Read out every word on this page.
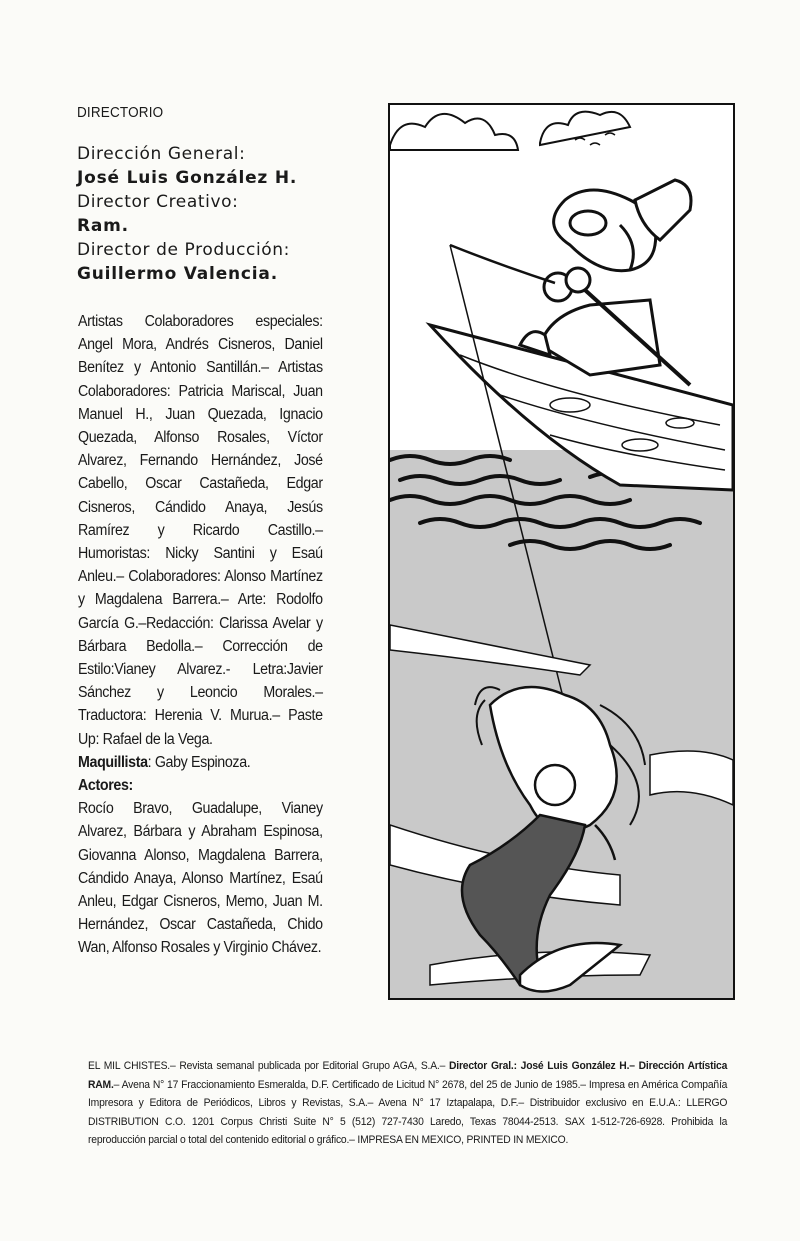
DIRECTORIO
Dirección General:
José Luis González H.
Director Creativo:
Ram.
Director de Producción:
Guillermo Valencia.
Artistas Colaboradores especiales: Angel Mora, Andrés Cisneros, Daniel Benítez y Antonio Santillán.– Artistas Colaboradores: Patricia Mariscal, Juan Manuel H., Juan Quezada, Ignacio Quezada, Alfonso Rosales, Víctor Alvarez, Fernando Hernández, José Cabello, Oscar Castañeda, Edgar Cisneros, Cándido Anaya, Jesús Ramírez y Ricardo Castillo.– Humoristas: Nicky Santini y Esaú Anleu.– Colaboradores: Alonso Martínez y Magdalena Barrera.– Arte: Rodolfo García G.–Redacción: Clarissa Avelar y Bárbara Bedolla.– Corrección de Estilo:Vianey Alvarez.- Letra:Javier Sánchez y Leoncio Morales.– Traductora: Herenia V. Murua.– Paste Up: Rafael de la Vega.
Maquillista: Gaby Espinoza.
Actores:
Rocío Bravo, Guadalupe, Vianey Alvarez, Bárbara y Abraham Espinosa, Giovanna Alonso, Magdalena Barrera, Cándido Anaya, Alonso Martínez, Esaú Anleu, Edgar Cisneros, Memo, Juan M. Hernández, Oscar Castañeda, Chido Wan, Alfonso Rosales y Virginio Chávez.
EL MIL CHISTES.– Revista semanal publicada por Editorial Grupo AGA, S.A.– Director Gral.: José Luis González H.– Dirección Artística RAM.– Avena N° 17 Fraccionamiento Esmeralda, D.F. Certificado de Licitud N° 2678, del 25 de Junio de 1985.– Impresa en América Compañía Impresora y Editora de Periódicos, Libros y Revistas, S.A.– Avena N° 17 Iztapalapa, D.F.– Distribuidor exclusivo en E.U.A.: LLERGO DISTRIBUTION C.O. 1201 Corpus Christi Suite N° 5 (512) 727-7430 Laredo, Texas 78044-2513. SAX 1-512-726-6928. Prohibida la reproducción parcial o total del contenido editorial o gráfico.– IMPRESA EN MEXICO, PRINTED IN MEXICO.
